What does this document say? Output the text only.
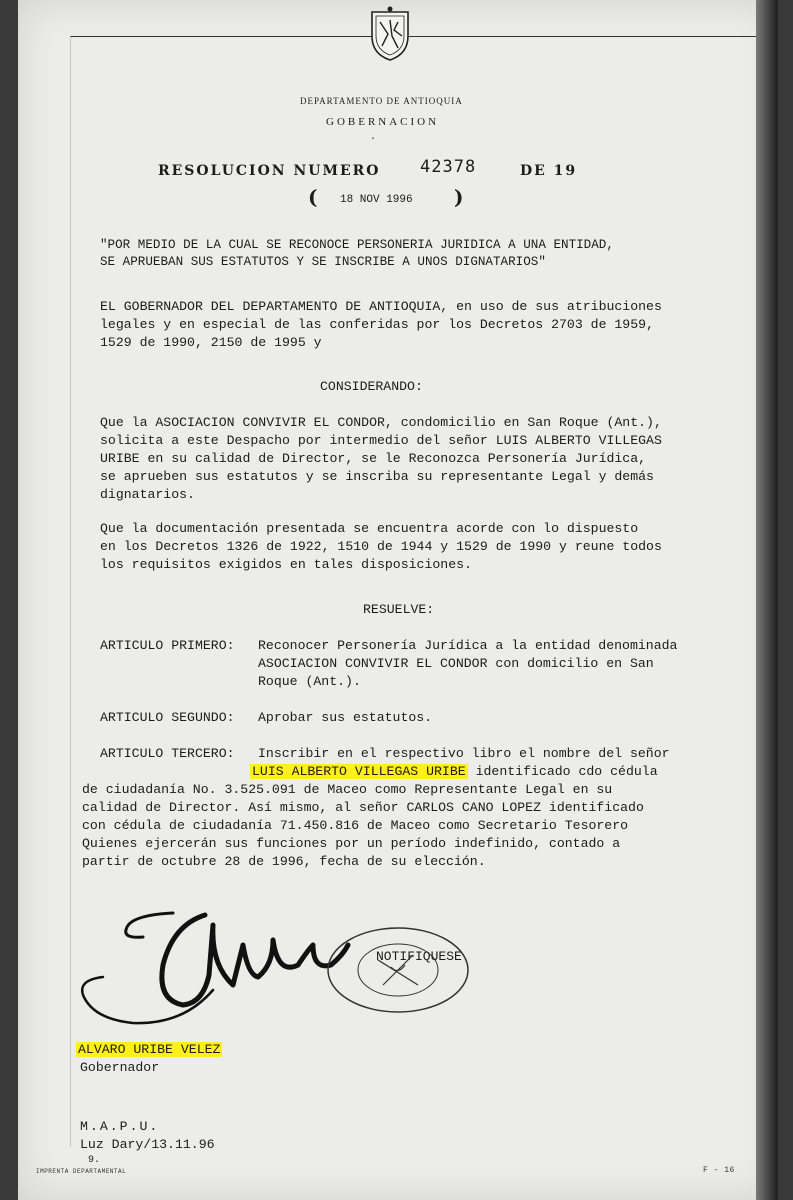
DEPARTAMENTO DE ANTIOQUIA
GOBERNACION
·
RESOLUCION NUMERO 42378	DE 19
( 18 NOV 1996 )
"POR MEDIO DE LA CUAL SE RECONOCE PERSONERIA JURIDICA A UNA ENTIDAD,
SE APRUEBAN SUS ESTATUTOS Y SE INSCRIBE A UNOS DIGNATARIOS"
EL GOBERNADOR DEL DEPARTAMENTO DE ANTIOQUIA, en uso de sus atribuciones
legales y en especial de las conferidas por los Decretos 2703 de 1959,
1529 de 1990, 2150 de 1995 y
CONSIDERANDO:
Que la ASOCIACION CONVIVIR EL CONDOR, condomicilio en San Roque (Ant.),
solicita a este Despacho por intermedio del señor LUIS ALBERTO VILLEGAS
URIBE en su calidad de Director, se le Reconozca Personería Jurídica,
se aprueben sus estatutos y se inscriba su representante Legal y demás
dignatarios.
Que la documentación presentada se encuentra acorde con lo dispuesto
en los Decretos 1326 de 1922, 1510 de 1944 y 1529 de 1990 y reune todos
los requisitos exigidos en tales disposiciones.
RESUELVE:
ARTICULO PRIMERO: Reconocer Personería Jurídica a la entidad denominada
ASOCIACION CONVIVIR EL CONDOR con domicilio en San
Roque (Ant.).
ARTICULO SEGUNDO: Aprobar sus estatutos.
ARTICULO TERCERO: Inscribir en el respectivo libro el nombre del señor
LUIS ALBERTO VILLEGAS URIBE identificado cdo cédula
de ciudadanía No. 3.525.091 de Maceo como Representante Legal en su
calidad de Director. Así mismo, al señor CARLOS CANO LOPEZ identificado
con cédula de ciudadanía 71.450.816 de Maceo como Secretario Tesorero
Quienes ejercerán sus funciones por un período indefinido, contado a
partir de octubre 28 de 1996, fecha de su elección.
NOTIFIQUESE
ALVARO URIBE VELEZ
Gobernador
M.A.P.U.
Luz Dary/13.11.96
9.
IMPRENTA DEPARTAMENTAL	F - 16
